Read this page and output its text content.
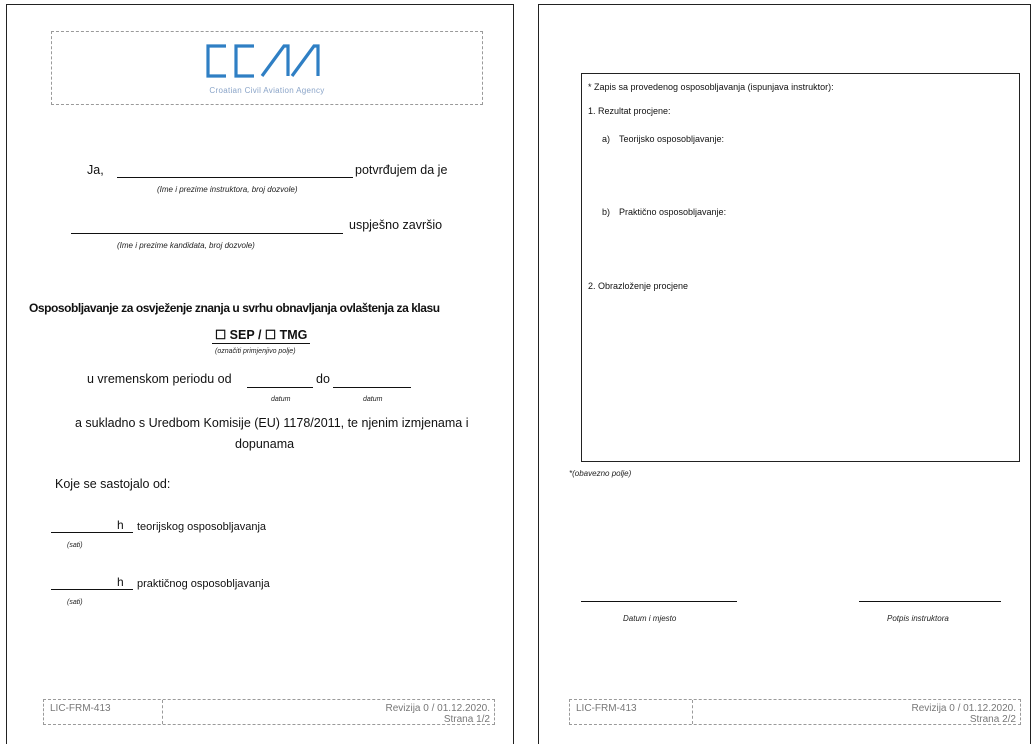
Croatian Civil Aviation Agency
Ja,	potvrđujem da je
(Ime i prezime instruktora, broj dozvole)
uspješno završio
(Ime i prezime kandidata, broj dozvole)
Osposobljavanje za osvježenje znanja u svrhu obnavljanja ovlaštenja za klasu
☐ SEP / ☐ TMG
(označiti primjenjivo polje)
u vremenskom periodu od	do
datum	datum
a sukladno s Uredbom Komisije (EU) 1178/2011, te njenim izmjenama i
dopunama
Koje se sastojalo od:
h teorijskog osposobljavanja
(sati)
h praktičnog osposobljavanja
(sati)
LIC-FRM-413	Revizija 0 / 01.12.2020.
Strana 1/2
* Zapis sa provedenog osposobljavanja (ispunjava instruktor):
1. Rezultat procjene:
a) Teorijsko osposobljavanje:
b) Praktično osposobljavanje:
2. Obrazloženje procjene
*(obavezno polje)
Datum i mjesto	Potpis instruktora
LIC-FRM-413	Revizija 0 / 01.12.2020.
Strana 2/2
